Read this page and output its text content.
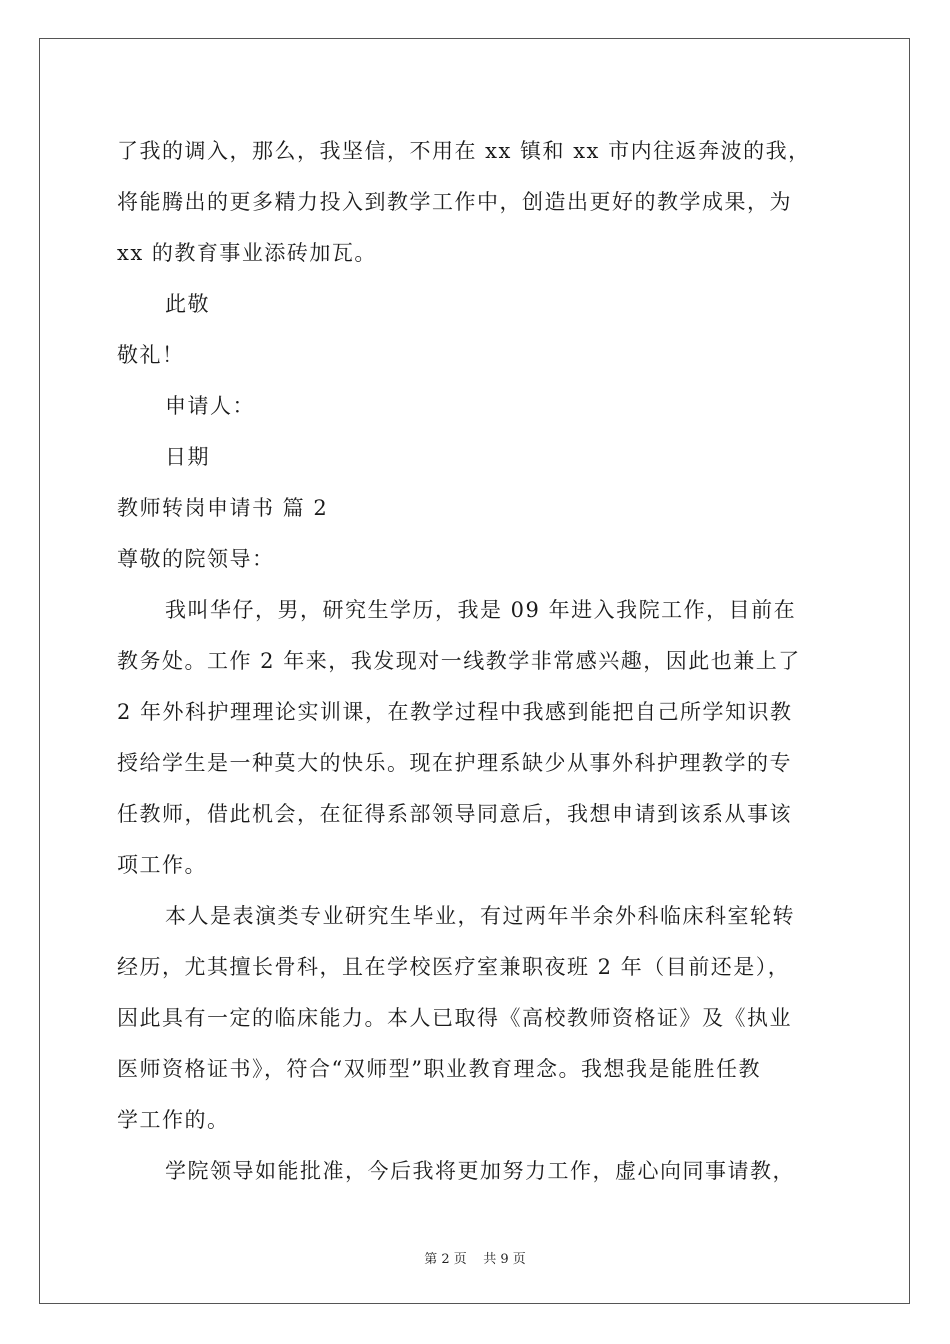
了我的调入，那么，我坚信，不用在 xx 镇和 xx 市内往返奔波的我，
将能腾出的更多精力投入到教学工作中，创造出更好的教学成果，为
xx 的教育事业添砖加瓦。
此敬
敬礼！
申请人：
日期
教师转岗申请书 篇 2
尊敬的院领导：
我叫华仔，男，研究生学历，我是 09 年进入我院工作，目前在
教务处。工作 2 年来，我发现对一线教学非常感兴趣，因此也兼上了
2 年外科护理理论实训课，在教学过程中我感到能把自己所学知识教
授给学生是一种莫大的快乐。现在护理系缺少从事外科护理教学的专
任教师，借此机会，在征得系部领导同意后，我想申请到该系从事该
项工作。
本人是表演类专业研究生毕业，有过两年半余外科临床科室轮转
经历，尤其擅长骨科，且在学校医疗室兼职夜班 2 年（目前还是），
因此具有一定的临床能力。本人已取得《高校教师资格证》及《执业
医师资格证书》，符合“双师型”职业教育理念。我想我是能胜任教
学工作的。
学院领导如能批准，今后我将更加努力工作，虚心向同事请教，
第 2 页 共 9 页
